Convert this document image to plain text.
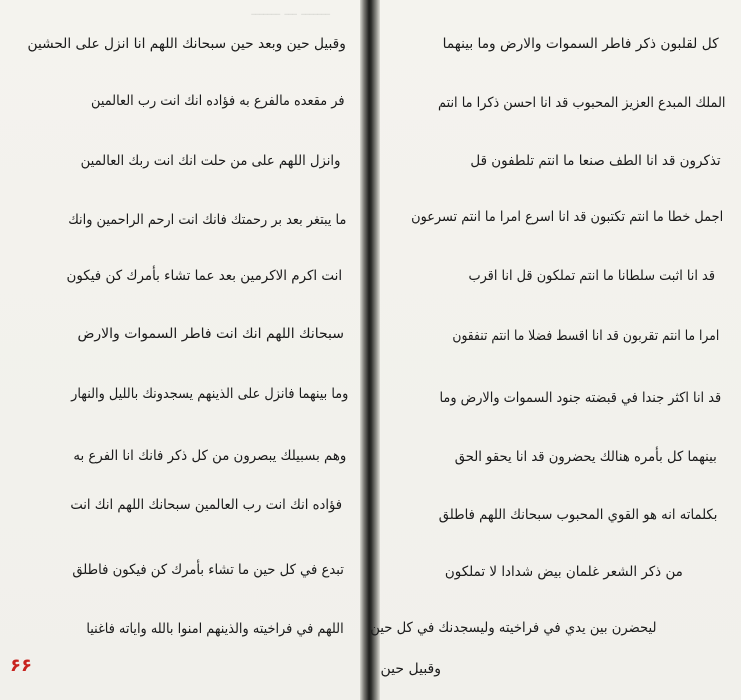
ـــــــ ـــ ـــــــ
وقبيل حين وبعد حين سبحانك اللهم انا انزل على الحشين
فر مقعده مالفرع به فؤاده انك انت رب العالمين
وانزل اللهم على من حلت انك انت ربك العالمين
ما يبتغر بعد بر رحمتك فانك انت ارحم الراحمين وانك
انت اكرم الاكرمين بعد عما تشاء بأمرك كن فيكون
سبحانك اللهم انك انت فاطر السموات والارض
وما بينهما فانزل على الذينهم يسجدونك بالليل والنهار
وهم بسبيلك يبصرون من كل ذكر فانك انا الفرع به
فؤاده انك انت رب العالمين سبحانك اللهم انك انت
تبدع في كل حين ما تشاء بأمرك كن فيكون فاطلق
اللهم في فراخيته والذينهم امنوا بالله واياته فاغنيا
۶۶
كل لقلبون ذكر فاطر السموات والارض وما بينهما
الملك المبدع العزيز المحبوب قد انا احسن ذكرا ما انتم
تذكرون قد انا الطف صنعا ما انتم تلطفون قل
اجمل خطا ما انتم تكتبون قد انا اسرع امرا ما انتم تسرعون
قد انا اثبت سلطانا ما انتم تملكون قل انا اقرب
امرا ما انتم تقربون قد انا اقسط فضلا ما انتم تنفقون
قد انا اكثر جندا في قبضته جنود السموات والارض وما
بينهما كل بأمره هنالك يحضرون قد انا يحقو الحق
بكلماته انه هو القوي المحبوب سبحانك اللهم فاطلق
من ذكر الشعر غلمان بيض شدادا لا تملكون
ليحضرن بين يدي في فراخيته وليسجدنك في كل حين
وقبيل حين
